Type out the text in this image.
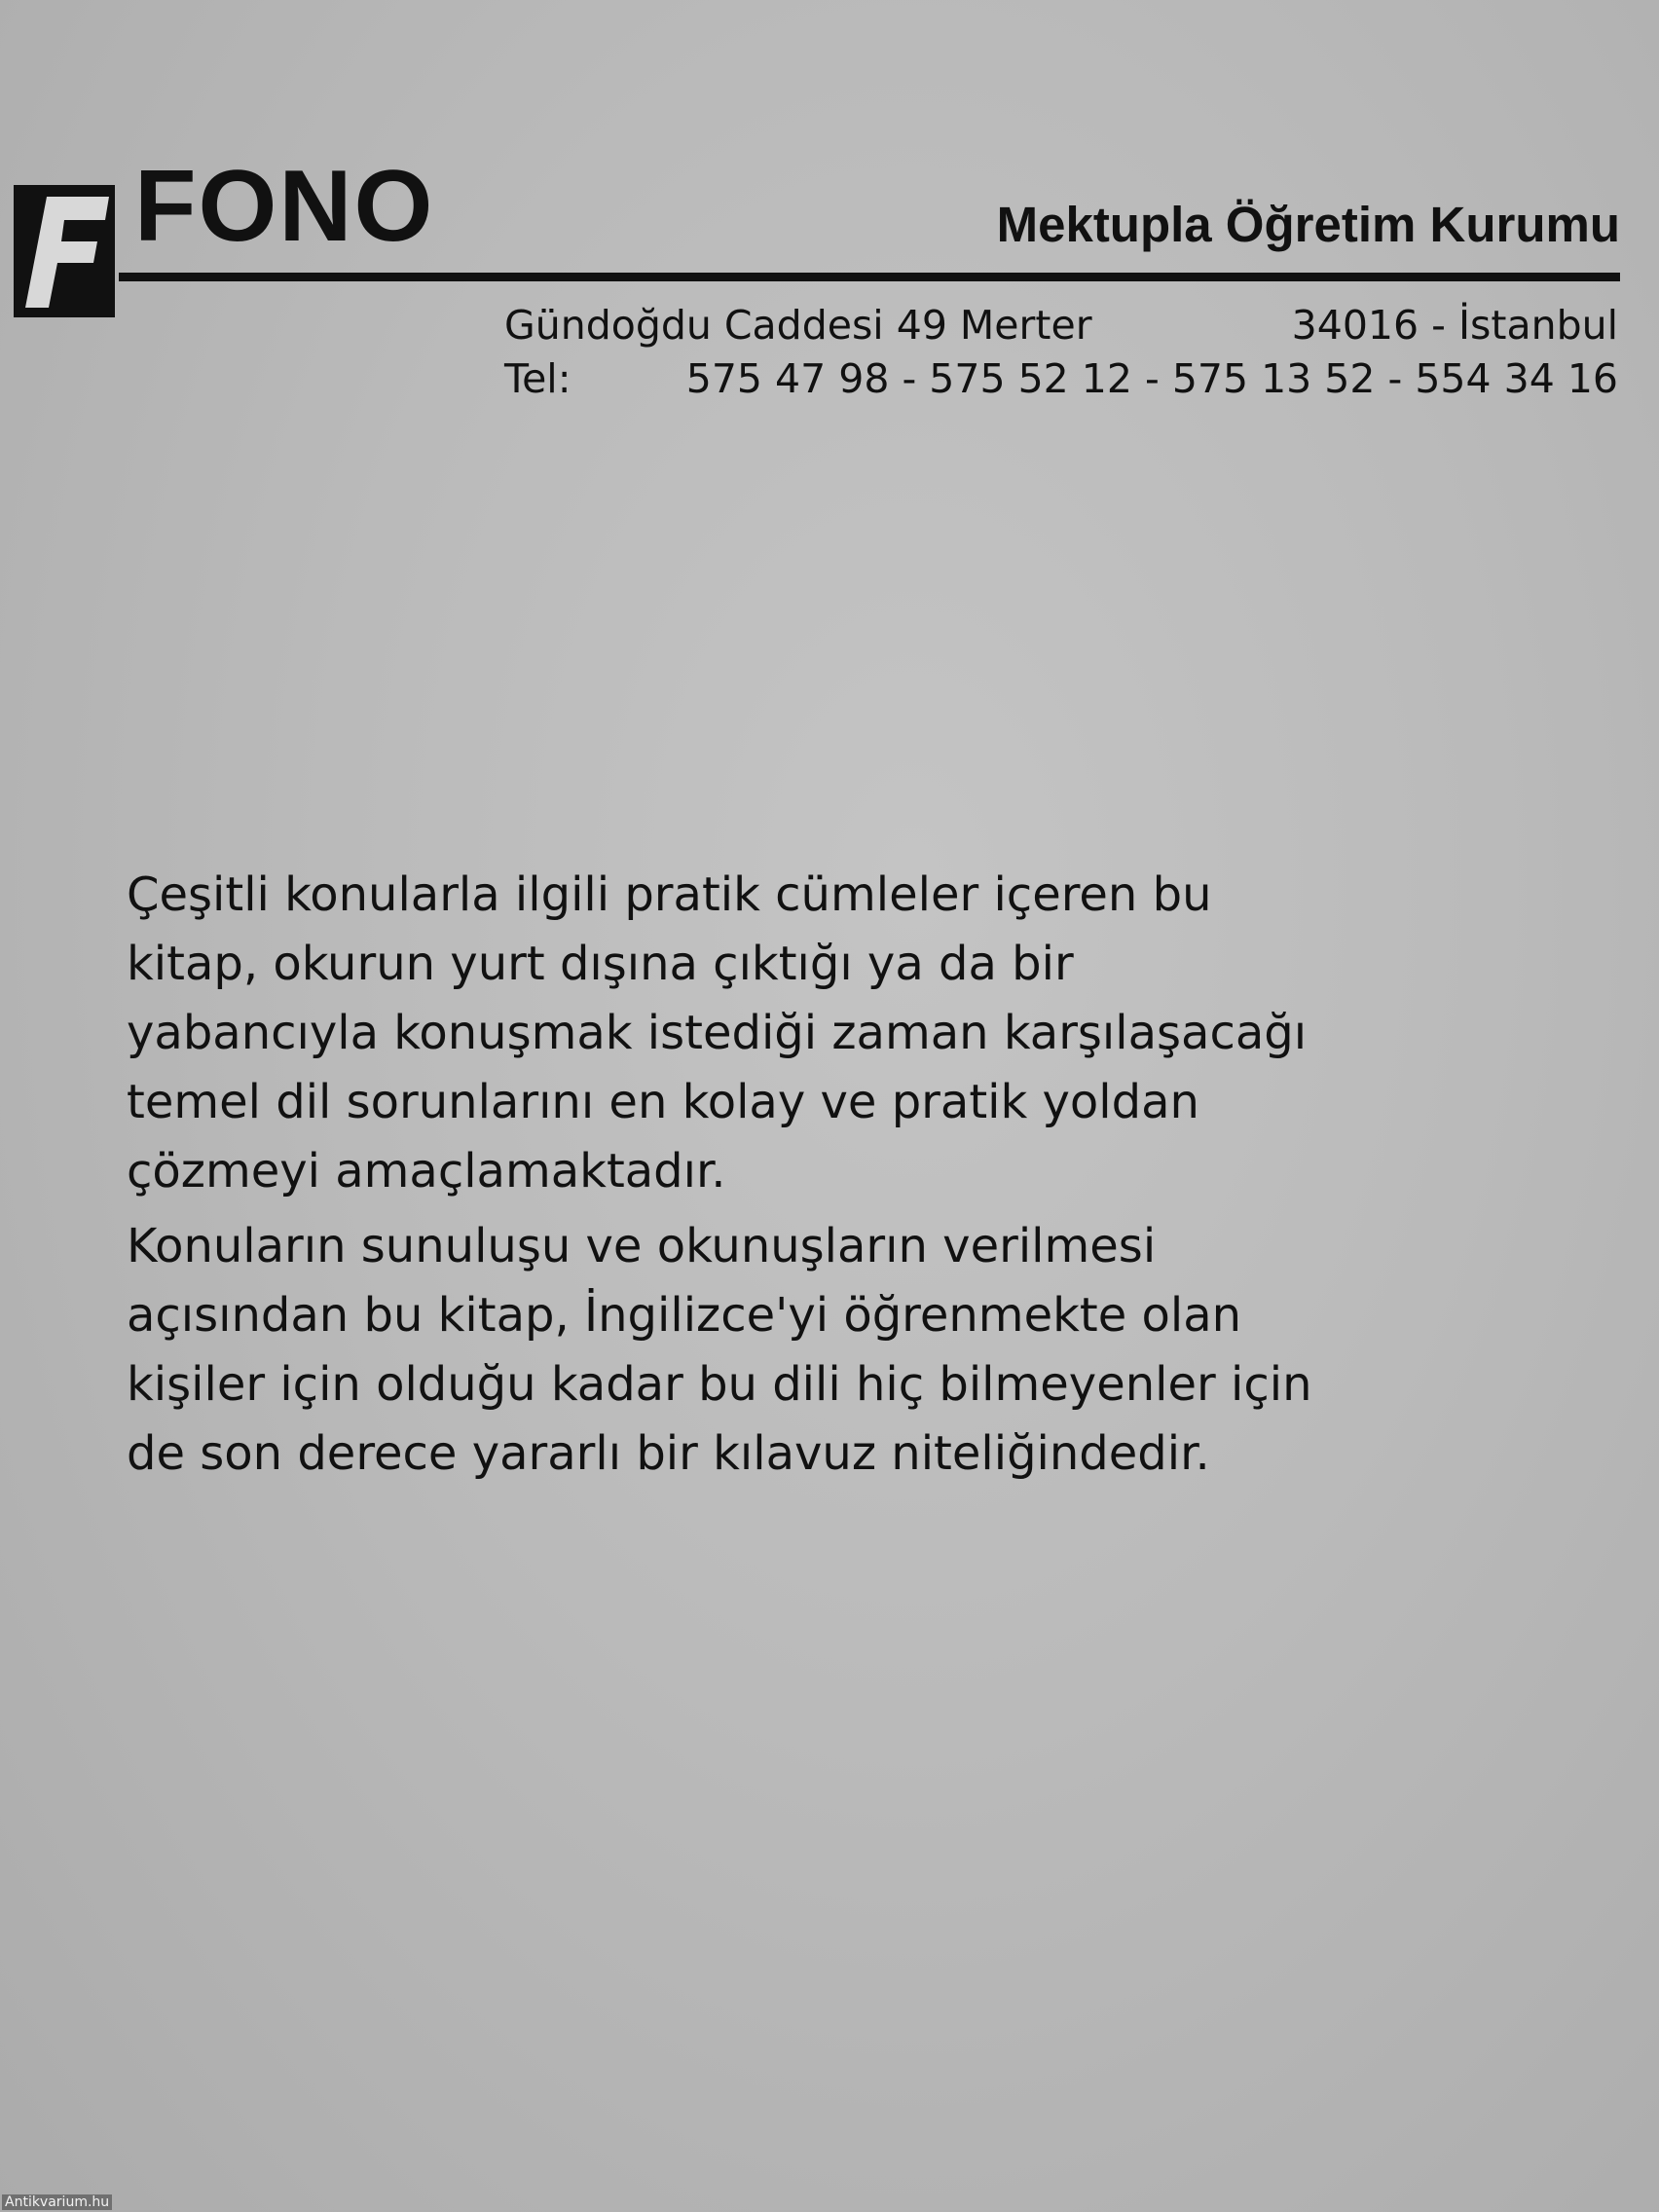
FONO	Mektupla Öğretim Kurumu
Gündoğdu Caddesi 49 Merter	34016 - İstanbul
Tel:	575 47 98 - 575 52 12 - 575 13 52 - 554 34 16

Çeşitli konularla ilgili pratik cümleler içeren bu
kitap, okurun yurt dışına çıktığı ya da bir
yabancıyla konuşmak istediği zaman karşılaşacağı
temel dil sorunlarını en kolay ve pratik yoldan
çözmeyi amaçlamaktadır.

Konuların sunuluşu ve okunuşların verilmesi
açısından bu kitap, İngilizce'yi öğrenmekte olan
kişiler için olduğu kadar bu dili hiç bilmeyenler için
de son derece yararlı bir kılavuz niteliğindedir.

Antikvarium.hu
